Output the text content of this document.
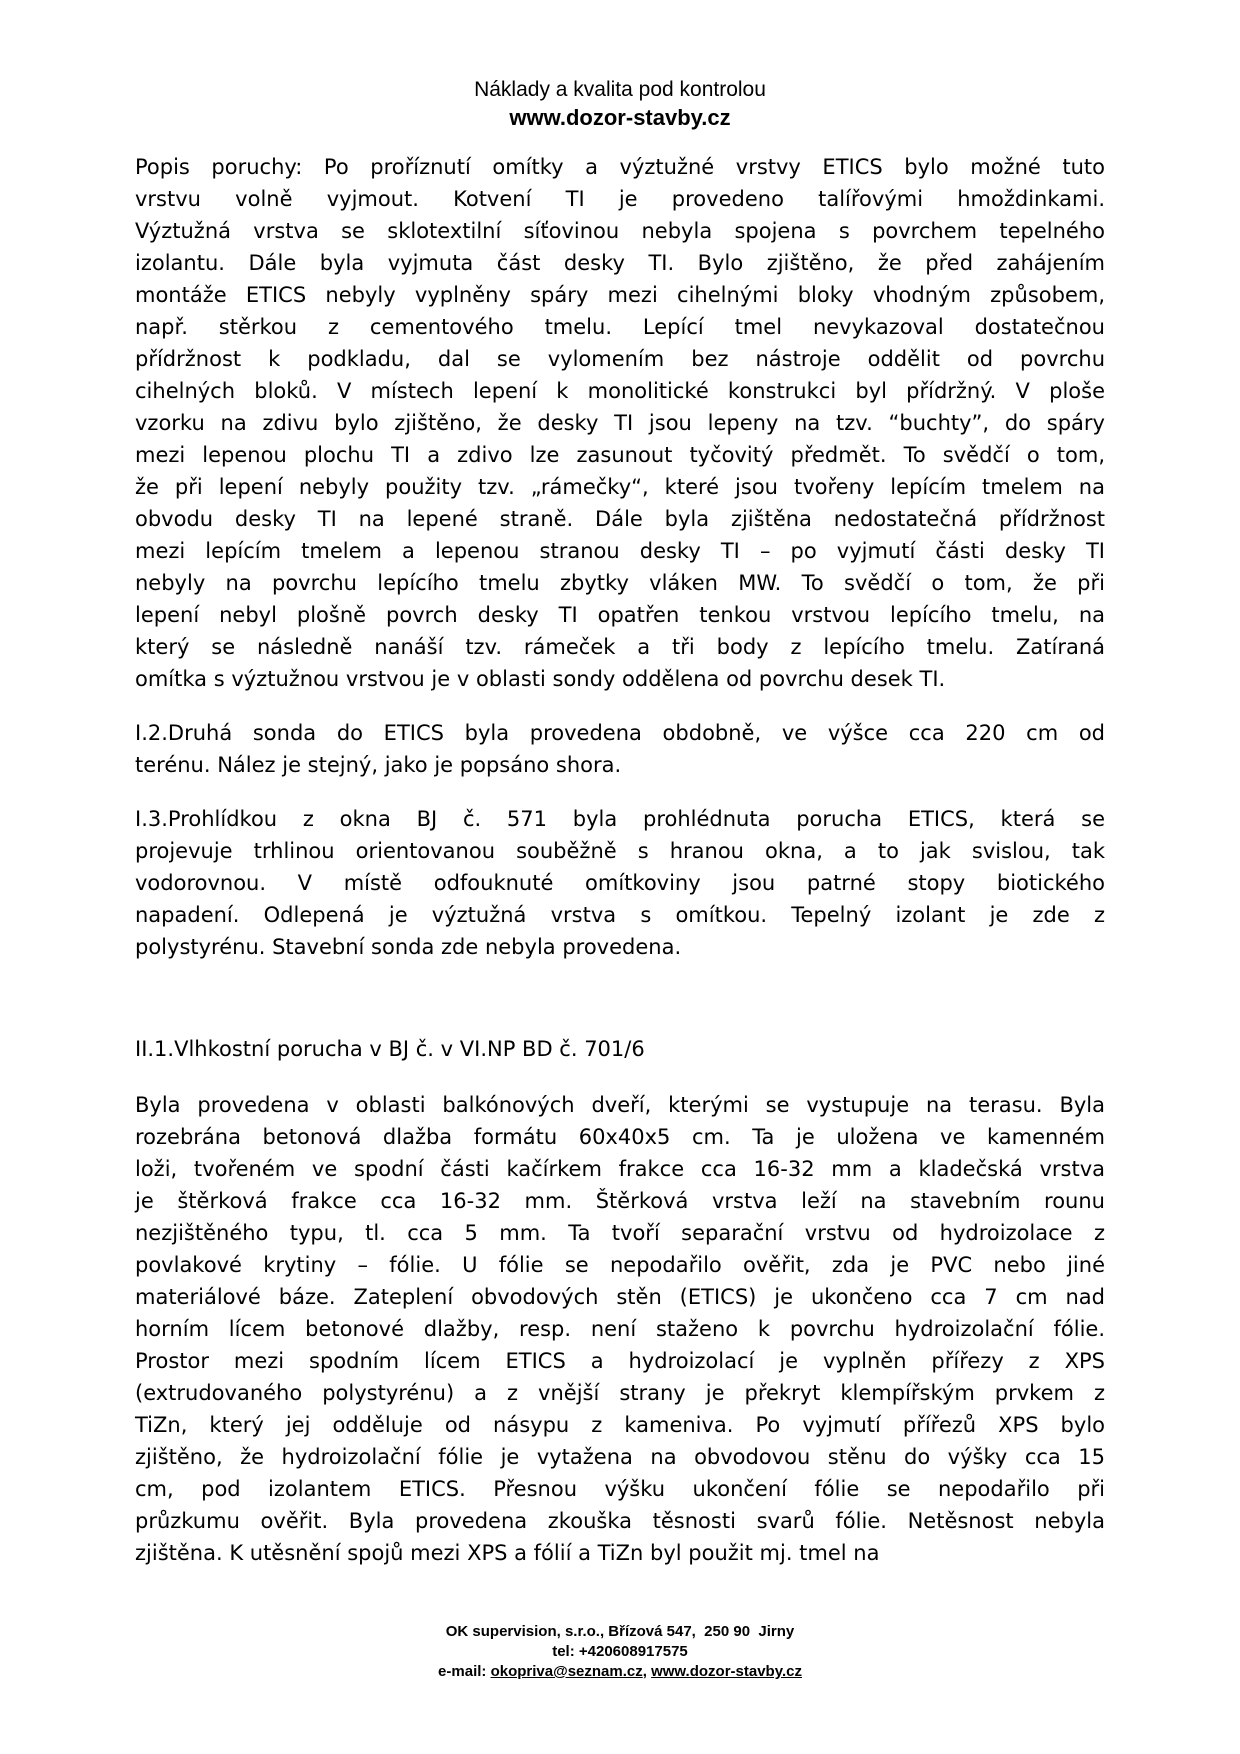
Náklady a kvalita pod kontrolou
www.dozor-stavby.cz
Popis poruchy: Po proříznutí omítky a výztužné vrstvy ETICS bylo možné tuto
vrstvu volně vyjmout. Kotvení TI je provedeno talířovými hmoždinkami.
Výztužná vrstva se sklotextilní síťovinou nebyla spojena s povrchem tepelného
izolantu. Dále byla vyjmuta část desky TI. Bylo zjištěno, že před zahájením
montáže ETICS nebyly vyplněny spáry mezi cihelnými bloky vhodným způsobem,
např. stěrkou z cementového tmelu. Lepící tmel nevykazoval dostatečnou
přídržnost k podkladu, dal se vylomením bez nástroje oddělit od povrchu
cihelných bloků. V místech lepení k monolitické konstrukci byl přídržný. V ploše
vzorku na zdivu bylo zjištěno, že desky TI jsou lepeny na tzv. “buchty”, do spáry
mezi lepenou plochu TI a zdivo lze zasunout tyčovitý předmět. To svědčí o tom,
že při lepení nebyly použity tzv. „rámečky“, které jsou tvořeny lepícím tmelem na
obvodu desky TI na lepené straně. Dále byla zjištěna nedostatečná přídržnost
mezi lepícím tmelem a lepenou stranou desky TI – po vyjmutí části desky TI
nebyly na povrchu lepícího tmelu zbytky vláken MW. To svědčí o tom, že při
lepení nebyl plošně povrch desky TI opatřen tenkou vrstvou lepícího tmelu, na
který se následně nanáší tzv. rámeček a tři body z lepícího tmelu. Zatíraná
omítka s výztužnou vrstvou je v oblasti sondy oddělena od povrchu desek TI.
I.2.Druhá sonda do ETICS byla provedena obdobně, ve výšce cca 220 cm od
terénu. Nález je stejný, jako je popsáno shora.
I.3.Prohlídkou z okna BJ č. 571 byla prohlédnuta porucha ETICS, která se
projevuje trhlinou orientovanou souběžně s hranou okna, a to jak svislou, tak
vodorovnou. V místě odfouknuté omítkoviny jsou patrné stopy biotického
napadení. Odlepená je výztužná vrstva s omítkou. Tepelný izolant je zde z
polystyrénu. Stavební sonda zde nebyla provedena.
II.1.Vlhkostní porucha v BJ č. v VI.NP BD č. 701/6
Byla provedena v oblasti balkónových dveří, kterými se vystupuje na terasu. Byla
rozebrána betonová dlažba formátu 60x40x5 cm. Ta je uložena ve kamenném
loži, tvořeném ve spodní části kačírkem frakce cca 16-32 mm a kladečská vrstva
je štěrková frakce cca 16-32 mm. Štěrková vrstva leží na stavebním rounu
nezjištěného typu, tl. cca 5 mm. Ta tvoří separační vrstvu od hydroizolace z
povlakové krytiny – fólie. U fólie se nepodařilo ověřit, zda je PVC nebo jiné
materiálové báze. Zateplení obvodových stěn (ETICS) je ukončeno cca 7 cm nad
horním lícem betonové dlažby, resp. není staženo k povrchu hydroizolační fólie.
Prostor mezi spodním lícem ETICS a hydroizolací je vyplněn přířezy z XPS
(extrudovaného polystyrénu) a z vnější strany je překryt klempířským prvkem z
TiZn, který jej odděluje od násypu z kameniva. Po vyjmutí přířezů XPS bylo
zjištěno, že hydroizolační fólie je vytažena na obvodovou stěnu do výšky cca 15
cm, pod izolantem ETICS. Přesnou výšku ukončení fólie se nepodařilo při
průzkumu ověřit. Byla provedena zkouška těsnosti svarů fólie. Netěsnost nebyla
zjištěna. K utěsnění spojů mezi XPS a fólií a TiZn byl použit mj. tmel na
OK supervision, s.r.o., Břízová 547,  250 90  Jirny
tel: +420608917575
e-mail: okopriva@seznam.cz, www.dozor-stavby.cz
